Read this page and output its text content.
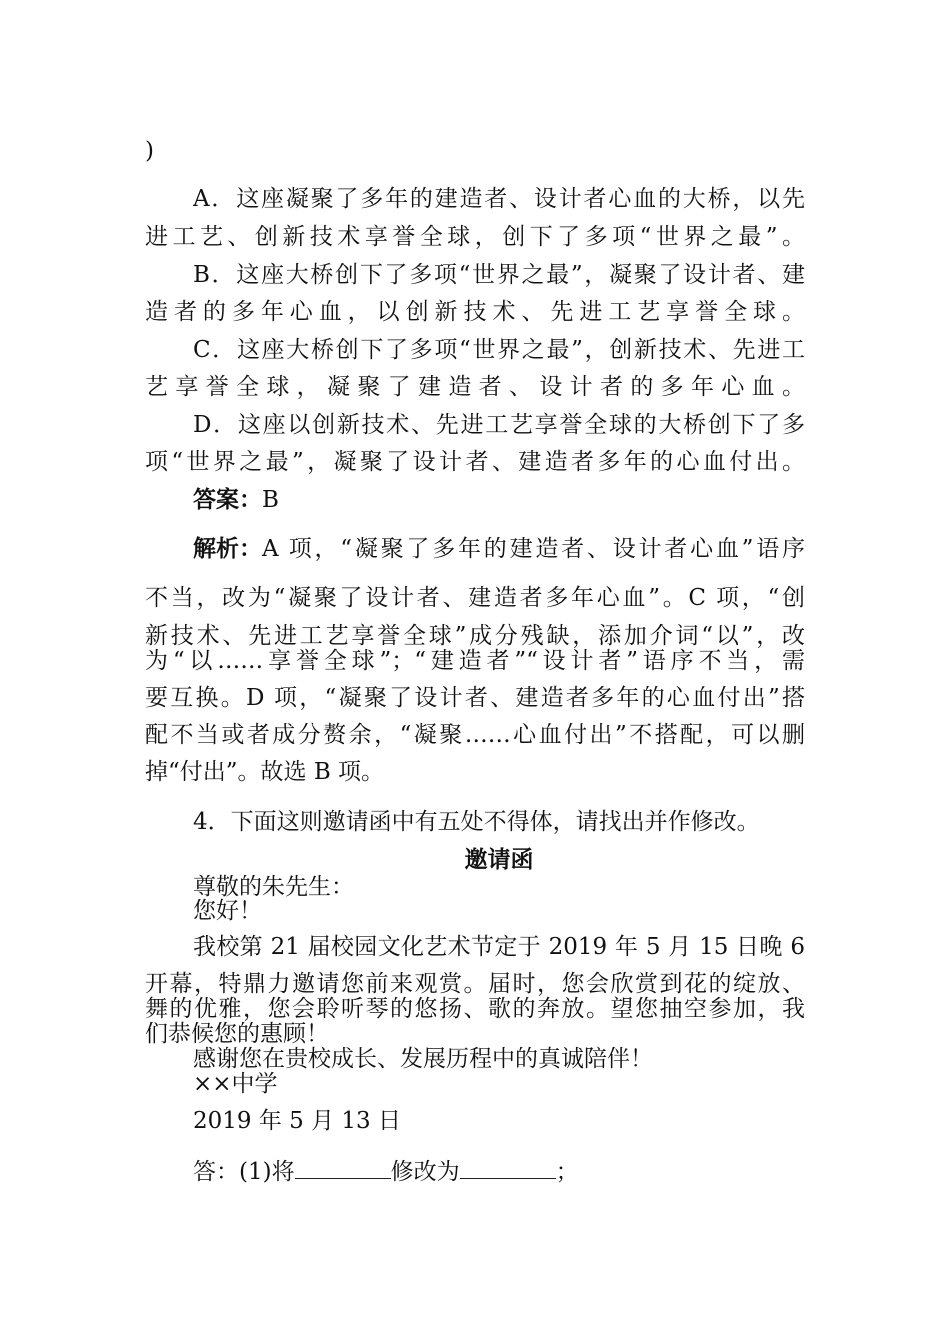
)
A．这座凝聚了多年的建造者、设计者心血的大桥，以先
进工艺、创新技术享誉全球，创下了多项“世界之最”。
B．这座大桥创下了多项“世界之最”，凝聚了设计者、建
造者的多年心血，以创新技术、先进工艺享誉全球。
C．这座大桥创下了多项“世界之最”，创新技术、先进工
艺享誉全球，凝聚了建造者、设计者的多年心血。
D．这座以创新技术、先进工艺享誉全球的大桥创下了多
项“世界之最”，凝聚了设计者、建造者多年的心血付出。
答案：B
解析： A 项，“凝聚了多年的建造者、设计者心血”语序
不当，改为“凝聚了设计者、建造者多年心血”。C 项，“创
新技术、先进工艺享誉全球”成分残缺，添加介词“以”，改
为“以……享誉全球”；“建造者”“设计者”语序不当，需
要互换。D 项，“凝聚了设计者、建造者多年的心血付出”搭
配不当或者成分赘余，“凝聚……心血付出”不搭配，可以删
掉“付出”。故选 B 项。
4．下面这则邀请函中有五处不得体，请找出并作修改。
邀请函
尊敬的朱先生：
您好！
我校第 21 届校园文化艺术节定于 2019 年 5 月 15 日晚 6
开幕，特鼎力邀请您前来观赏。届时，您会欣赏到花的绽放、
舞的优雅，您会聆听琴的悠扬、歌的奔放。望您抽空参加，我
们恭候您的惠顾！
感谢您在贵校成长、发展历程中的真诚陪伴！
××中学
2019 年 5 月 13 日
答：(1)将	修改为	；
